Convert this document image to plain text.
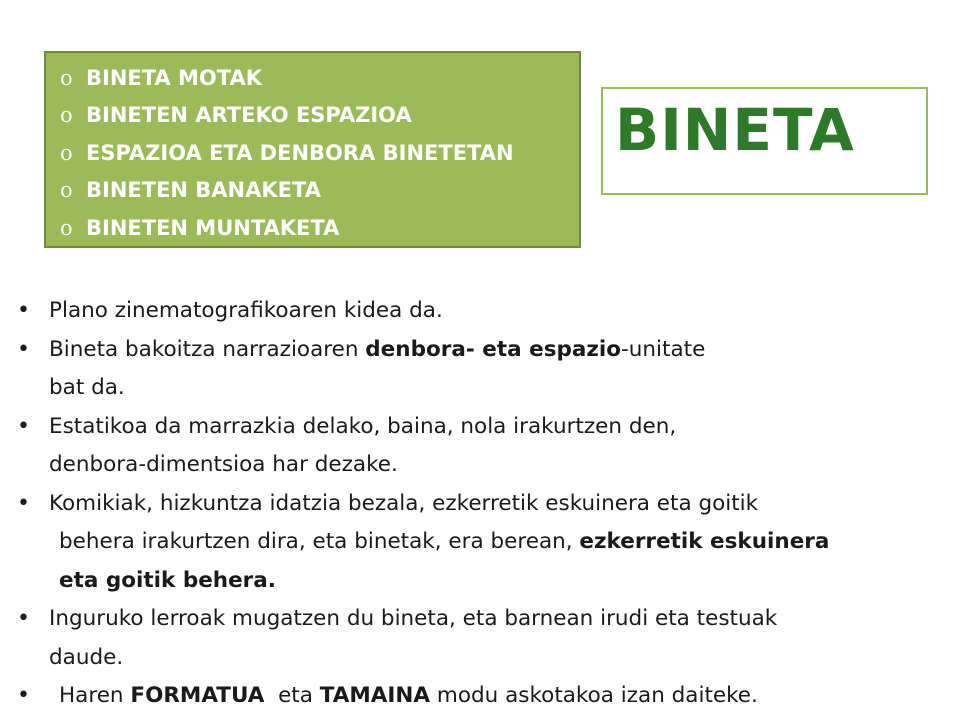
o BINETA MOTAK
o BINETEN ARTEKO ESPAZIOA
o ESPAZIOA ETA DENBORA BINETETAN
o BINETEN BANAKETA
o BINETEN MUNTAKETA
BINETA
• Plano zinematografikoaren kidea da.
• Bineta bakoitza narrazioaren denbora- eta espazio-unitate
bat da.
• Estatikoa da marrazkia delako, baina, nola irakurtzen den,
denbora-dimentsioa har dezake.
• Komikiak, hizkuntza idatzia bezala, ezkerretik eskuinera eta goitik
behera irakurtzen dira, eta binetak, era berean, ezkerretik eskuinera
eta goitik behera.
• Inguruko lerroak mugatzen du bineta, eta barnean irudi eta testuak
daude.
• Haren FORMATUA  eta TAMAINA modu askotakoa izan daiteke.
